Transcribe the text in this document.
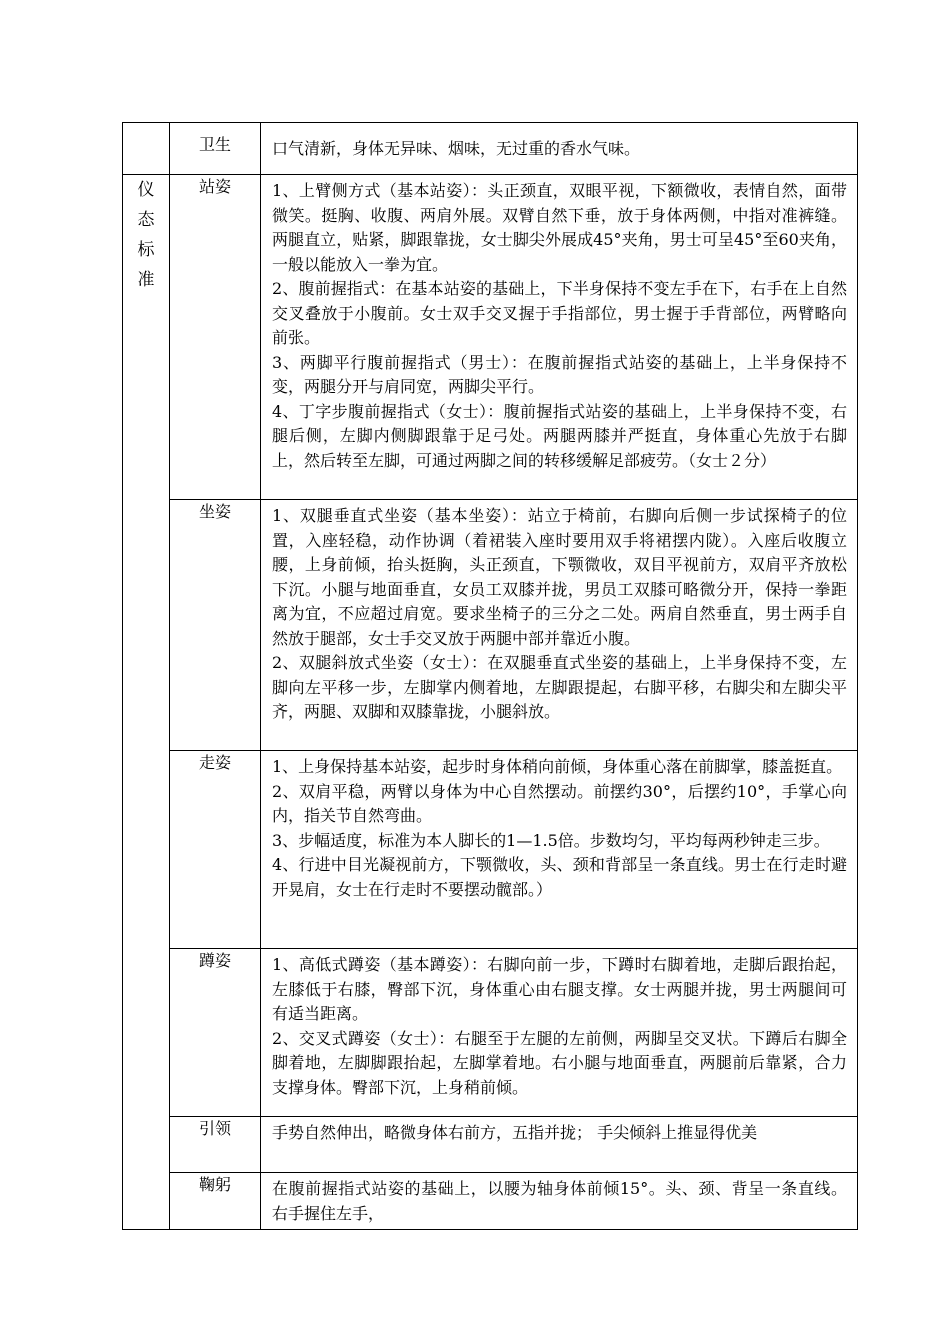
	卫生	口气清新，身体无异味、烟味，无过重的香水气味。

仪态标准	站姿	1、上臂侧方式（基本站姿）：头正颈直，双眼平视，下额微收，表情自然，面带微笑。挺胸、收腹、两肩外展。双臂自然下垂，放于身体两侧，中指对准裤缝。两腿直立，贴紧，脚跟靠拢，女士脚尖外展成45°夹角，男士可呈45°至60夹角，一般以能放入一拳为宜。

2、腹前握指式：在基本站姿的基础上，下半身保持不变左手在下，右手在上自然交叉叠放于小腹前。女士双手交叉握于手指部位，男士握于手背部位，两臂略向前张。

3、两脚平行腹前握指式（男士）：在腹前握指式站姿的基础上，上半身保持不变，两腿分开与肩同宽，两脚尖平行。

4、丁字步腹前握指式（女士）：腹前握指式站姿的基础上，上半身保持不变，右腿后侧，左脚内侧脚跟靠于足弓处。两腿两膝并严挺直，身体重心先放于右脚上，然后转至左脚，可通过两脚之间的转移缓解足部疲劳。（女士２分）

	坐姿	1、双腿垂直式坐姿（基本坐姿）：站立于椅前，右脚向后侧一步试探椅子的位置，入座轻稳，动作协调（着裙装入座时要用双手将裙摆内陇）。入座后收腹立腰，上身前倾，抬头挺胸，头正颈直，下颚微收，双目平视前方，双肩平齐放松下沉。小腿与地面垂直，女员工双膝并拢，男员工双膝可略微分开，保持一拳距离为宜，不应超过肩宽。要求坐椅子的三分之二处。两肩自然垂直，男士两手自然放于腿部，女士手交叉放于两腿中部并靠近小腹。

2、双腿斜放式坐姿（女士）：在双腿垂直式坐姿的基础上，上半身保持不变，左脚向左平移一步，左脚掌内侧着地，左脚跟提起，右脚平移，右脚尖和左脚尖平齐，两腿、双脚和双膝靠拢，小腿斜放。

	走姿	1、上身保持基本站姿，起步时身体稍向前倾，身体重心落在前脚掌，膝盖挺直。

2、双肩平稳，两臂以身体为中心自然摆动。前摆约30°，后摆约10°，手掌心向内，指关节自然弯曲。

3、步幅适度，标准为本人脚长的1—1.5倍。步数均匀，平均每两秒钟走三步。

4、行进中目光凝视前方，下颚微收，头、颈和背部呈一条直线。男士在行走时避开晃肩，女士在行走时不要摆动髋部。）

	蹲姿	1、高低式蹲姿（基本蹲姿）：右脚向前一步，下蹲时右脚着地，走脚后跟抬起，左膝低于右膝，臀部下沉，身体重心由右腿支撑。女士两腿并拢，男士两腿间可有适当距离。

2、交叉式蹲姿（女士）：右腿至于左腿的左前侧，两脚呈交叉状。下蹲后右脚全脚着地，左脚脚跟抬起，左脚掌着地。右小腿与地面垂直，两腿前后靠紧，合力支撑身体。臀部下沉，上身稍前倾。

	引领	手势自然伸出，略微身体右前方，五指并拢； 手尖倾斜上推显得优美

	鞠躬	在腹前握指式站姿的基础上，以腰为轴身体前倾15°。头、颈、背呈一条直线。 右手握住左手，
